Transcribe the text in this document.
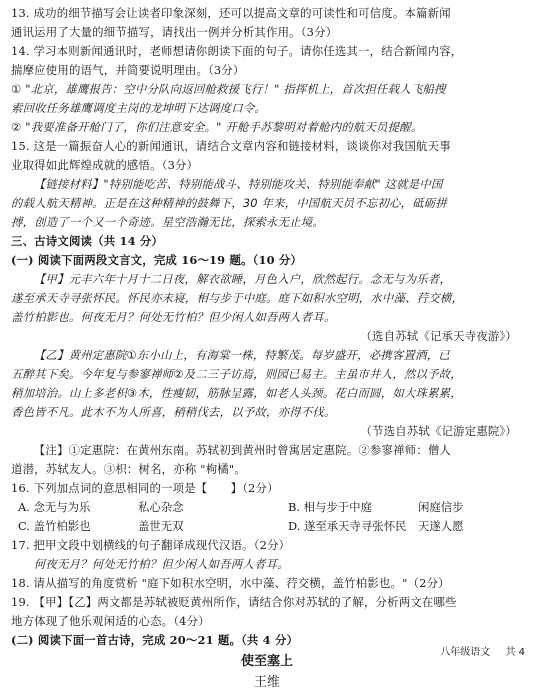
13. 成功的细节描写会让读者印象深刻，还可以提高文章的可读性和可信度。本篇新闻

通讯运用了大量的细节描写，请找出一例并分析其作用。（3分）

14. 学习本则新闻通讯时，老师想请你朗读下面的句子。请你任选其一，结合新闻内容，

揣摩应使用的语气，并简要说明理由。（3分）

① "北京，雄鹰报告：空中分队向返回舱救援飞行！" 指挥机上，首次担任载人飞船搜

索回收任务雄鹰调度主岗的龙坤明下达调度口令。

② "我要准备开舱门了，你们注意安全。" 开舱手苏黎明对着舱内的航天员提醒。

15. 这是一篇振奋人心的新闻通讯，请结合文章内容和链接材料，谈谈你对我国航天事

业取得如此辉煌成就的感悟。（3分）

【链接材料】"特别能吃苦、特别能战斗、特别能攻关、特别能奉献" 这就是中国

的载人航天精神。正是在这种精神的鼓舞下，30 年来，中国航天员不忘初心，砥砺拼

搏，创造了一个又一个奇迹。星空浩瀚无比，探索永无止境。

三、古诗文阅读（共 14 分）

(一) 阅读下面两段文言文，完成 16～19 题。（10 分）

【甲】元丰六年十月十二日夜，解衣欲睡，月色入户，欣然起行。念无与为乐者，

遂至承天寺寻张怀民。怀民亦未寝，相与步于中庭。庭下如积水空明，水中藻、荇交横，

盖竹柏影也。何夜无月？何处无竹柏？但少闲人如吾两人者耳。

（选自苏轼《记承天寺夜游》）

【乙】黄州定惠院①东小山上，有海棠一株，特繁茂。每岁盛开，必携客置酒，已

五醉其下矣。今年复与参寥禅师②及二三子访焉，则园已易主。主虽市井人，然以予故，

稍加培治。山上多老枳③木，性瘦韧，筋脉呈露，如老人头颈。花白而圆，如大珠累累，

香色皆不凡。此木不为人所喜，稍稍伐去，以予故，亦得不伐。

（节选自苏轼《记游定惠院》）

【注】①定惠院：在黄州东南。苏轼初到黄州时曾寓居定惠院。②参寥禅师：僧人

道潜，苏轼友人。③枳：树名，亦称 "枸橘"。

16. 下列加点词的意思相同的一项是【　　】（2分）

A. 念无与为乐	私心杂念	B. 相与步于中庭	闲庭信步
C. 盖竹柏影也	盖世无双	D. 遂至承天寺寻张怀民	天遂人愿

17. 把甲文段中划横线的句子翻译成现代汉语。（2分）

何夜无月？何处无竹柏？但少闲人如吾两人者耳。

18. 请从描写的角度赏析 "庭下如积水空明，水中藻、荇交横，盖竹柏影也。"（2分）

19. 【甲】【乙】两文都是苏轼被贬黄州所作，请结合你对苏轼的了解，分析两文在哪些

地方体现了他乐观闲适的心态。（4分）

(二) 阅读下面一首古诗，完成 20～21 题。（共 4 分）

使至塞上
王维
八年级语文 共 4
